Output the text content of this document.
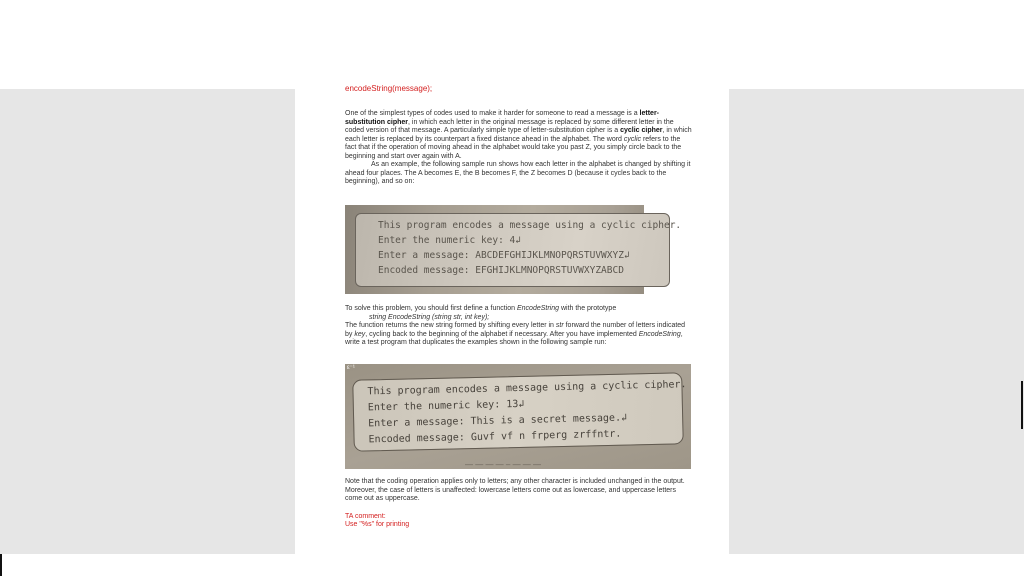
encodeString(message);
One of the simplest types of codes used to make it harder for someone to read a message is a letter-substitution cipher, in which each letter in the original message is replaced by some different letter in the coded version of that message. A particularly simple type of letter-substitution cipher is a cyclic cipher, in which each letter is replaced by its counterpart a fixed distance ahead in the alphabet. The word cyclic refers to the fact that if the operation of moving ahead in the alphabet would take you past Z, you simply circle back to the beginning and start over again with A.
As an example, the following sample run shows how each letter in the alphabet is changed by shifting it ahead four places. The A becomes E, the B becomes F, the Z becomes D (because it cycles back to the beginning), and so on:
This program encodes a message using a cyclic cipher.
Enter the numeric key: 4↲
Enter a message: ABCDEFGHIJKLMNOPQRSTUVWXYZ↲
Encoded message: EFGHIJKLMNOPQRSTUVWXYZABCD
To solve this problem, you should first define a function EncodeString with the prototype
string EncodeString (string str, int key);
The function returns the new string formed by shifting every letter in str forward the number of letters indicated by key, cycling back to the beginning of the alphabet if necessary. After you have implemented EncodeString, write a test program that duplicates the examples shown in the following sample run:
ε⁻¹
This program encodes a message using a cyclic cipher.
Enter the numeric key: 13↲
Enter a message: This is a secret message.↲
Encoded message: Guvf vf n frperg zrffntr.
— — — — ‒ — — —
Note that the coding operation applies only to letters; any other character is included unchanged in the output. Moreover, the case of letters is unaffected: lowercase letters come out as lowercase, and uppercase letters come out as uppercase.
TA comment:
Use "%s" for printing
